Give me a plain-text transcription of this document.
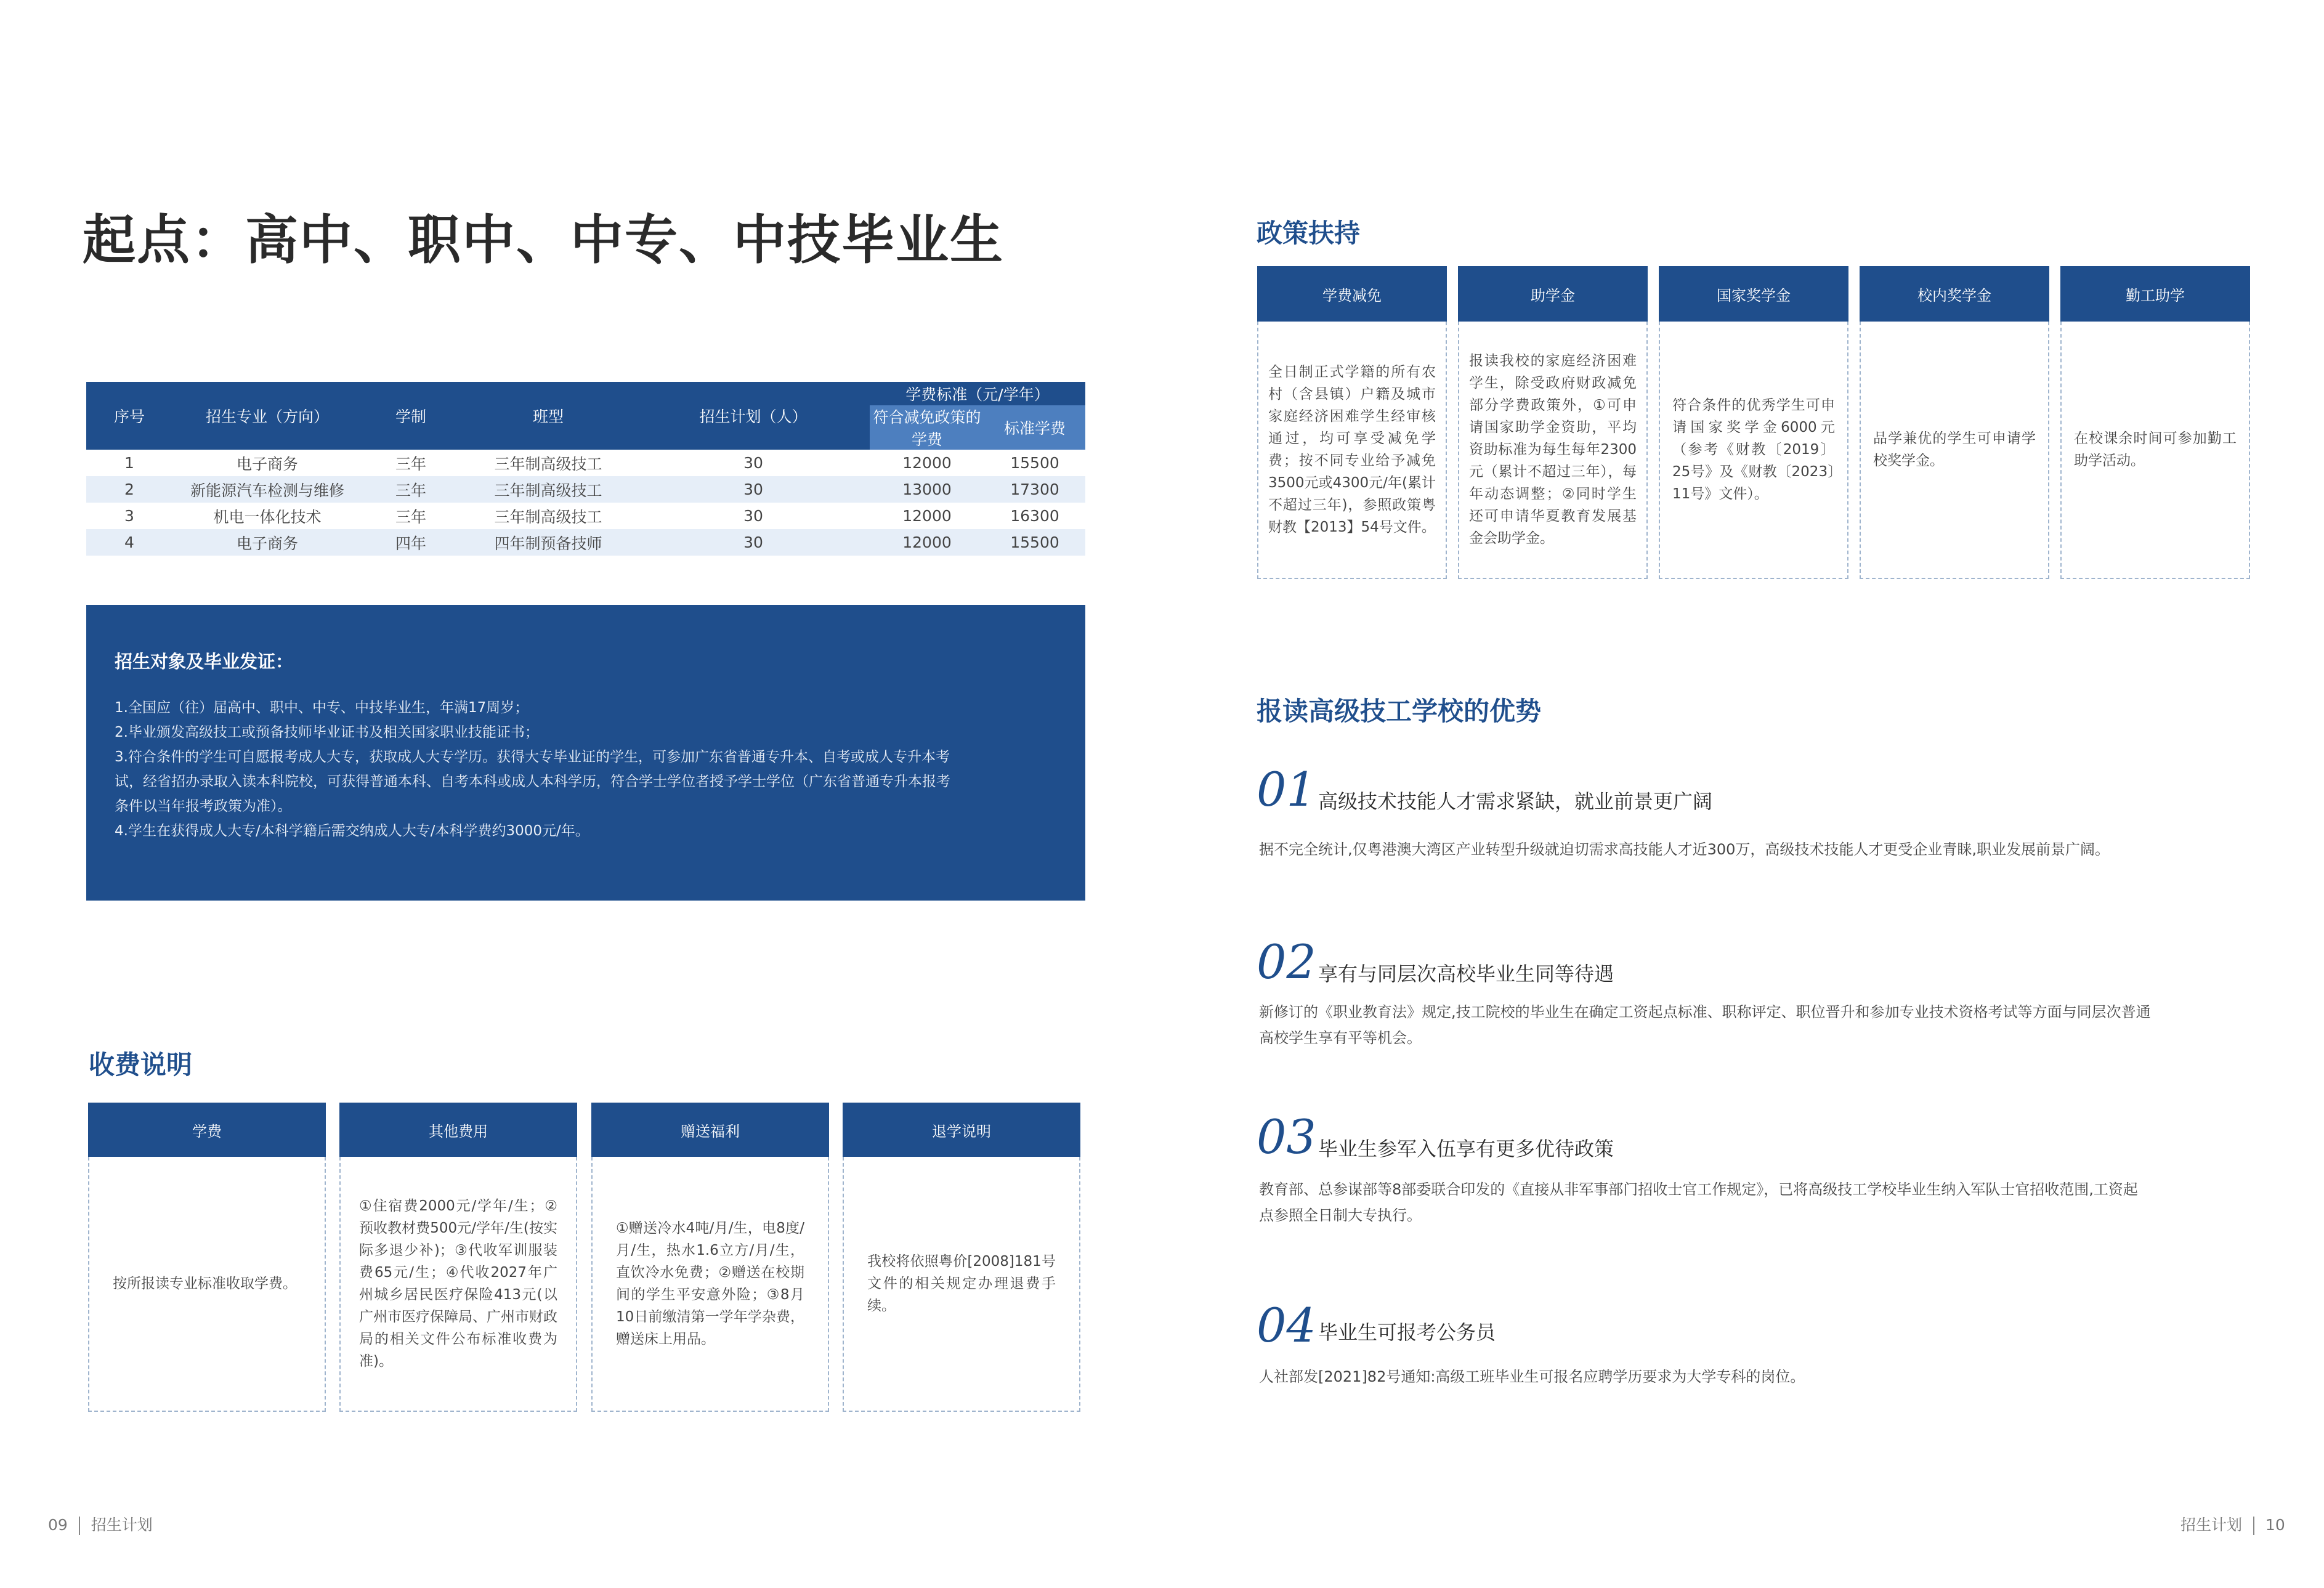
起点：高中、职中、中专、中技毕业生
序号	招生专业（方向）	学制	班型	招生计划（人）	学费标准（元/学年）	
					符合减免政策的学费	标准学费
1	电子商务	三年	三年制高级技工	30	12000	15500
2	新能源汽车检测与维修	三年	三年制高级技工	30	13000	17300
3	机电一体化技术	三年	三年制高级技工	30	12000	16300
4	电子商务	四年	四年制预备技师	30	12000	15500
招生对象及毕业发证：
1.全国应（往）届高中、职中、中专、中技毕业生，年满17周岁；
2.毕业颁发高级技工或预备技师毕业证书及相关国家职业技能证书；
3.符合条件的学生可自愿报考成人大专，获取成人大专学历。获得大专毕业证的学生，可参加广东省普通专升本、自考或成人专升本考
试，经省招办录取入读本科院校，可获得普通本科、自考本科或成人本科学历，符合学士学位者授予学士学位（广东省普通专升本报考
条件以当年报考政策为准）。
4.学生在获得成人大专/本科学籍后需交纳成人大专/本科学费约3000元/年。
收费说明
学费

按所报读专业标准收取学费。

其他费用

①住宿费2000元/学年/生；②预收教材费500元/学年/生(按实际多退少补)；③代收军训服装费65元/生；④代收2027年广州城乡居民医疗保险413元(以广州市医疗保障局、广州市财政局的相关文件公布标准收费为准)。

赠送福利

①赠送冷水4吨/月/生，电8度/月/生，热水1.6立方/月/生，直饮冷水免费；②赠送在校期间的学生平安意外险；③8月10日前缴清第一学年学杂费，赠送床上用品。

退学说明

我校将依照粤价[2008]181号文件的相关规定办理退费手续。

政策扶持
学费减免

全日制正式学籍的所有农村（含县镇）户籍及城市家庭经济困难学生经审核通过，均可享受减免学费；按不同专业给予减免3500元或4300元/年(累计不超过三年)，参照政策粤财教【2013】54号文件。

助学金

报读我校的家庭经济困难学生，除受政府财政减免部分学费政策外，①可申请国家助学金资助，平均资助标准为每生每年2300元（累计不超过三年），每年动态调整；②同时学生还可申请华夏教育发展基金会助学金。

国家奖学金

符合条件的优秀学生可申请国家奖学金6000元（参考《财教〔2019〕25号》及《财教〔2023〕11号》文件）。

校内奖学金

品学兼优的学生可申请学校奖学金。

勤工助学

在校课余时间可参加勤工助学活动。

报读高级技工学校的优势
01 高级技术技能人才需求紧缺，就业前景更广阔
据不完全统计,仅粤港澳大湾区产业转型升级就迫切需求高技能人才近300万，高级技术技能人才更受企业青睐,职业发展前景广阔。
02 享有与同层次高校毕业生同等待遇
新修订的《职业教育法》规定,技工院校的毕业生在确定工资起点标准、职称评定、职位晋升和参加专业技术资格考试等方面与同层次普通
高校学生享有平等机会。
03 毕业生参军入伍享有更多优待政策
教育部、总参谋部等8部委联合印发的《直接从非军事部门招收士官工作规定》，已将高级技工学校毕业生纳入军队士官招收范围,工资起
点参照全日制大专执行。
04 毕业生可报考公务员
人社部发[2021]82号通知:高级工班毕业生可报名应聘学历要求为大学专科的岗位。
09 招生计划	招生计划 10
